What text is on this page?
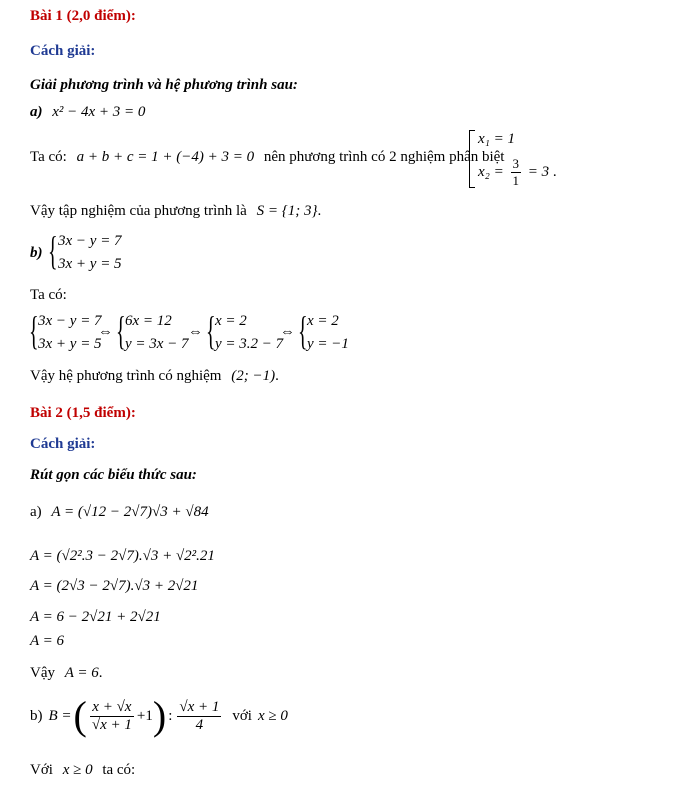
Bài 1 (2,0 điểm):
Cách giải:
Giải phương trình và hệ phương trình sau:
a) x² − 4x + 3 = 0
Ta có: a + b + c = 1 + (−4) + 3 = 0 nên phương trình có 2 nghiệm phân biệt
x₁ = 1
$x_2 = \frac{3}{1} = 3$ .
Vậy tập nghiệm của phương trình là S = {1; 3}.
b) { 3x − y = 7
3x + y = 5
Ta có:
{ 3x − y = 7
3x + y = 5
⇔ { 6x = 12
y = 3x − 7
⇔ { x = 2
y = 3.2 − 7
⇔ { x = 2
y = −1
Vậy hệ phương trình có nghiệm (2; −1).
Bài 2 (1,5 điểm):
Cách giải:
Rút gọn các biểu thức sau:
a) A = (√12 − 2√7)√3 + √84
A = (√2².3 − 2√7).√3 + √2².21
A = (2√3 − 2√7).√3 + 2√21
A = 6 − 2√21 + 2√21
A = 6
Vậy A = 6.
b) B = ( $\frac{x + √x}{√x + 1} +1$ ) : $\frac{√x + 1}{4}$ với x ≥ 0
Với x ≥ 0 ta có:
